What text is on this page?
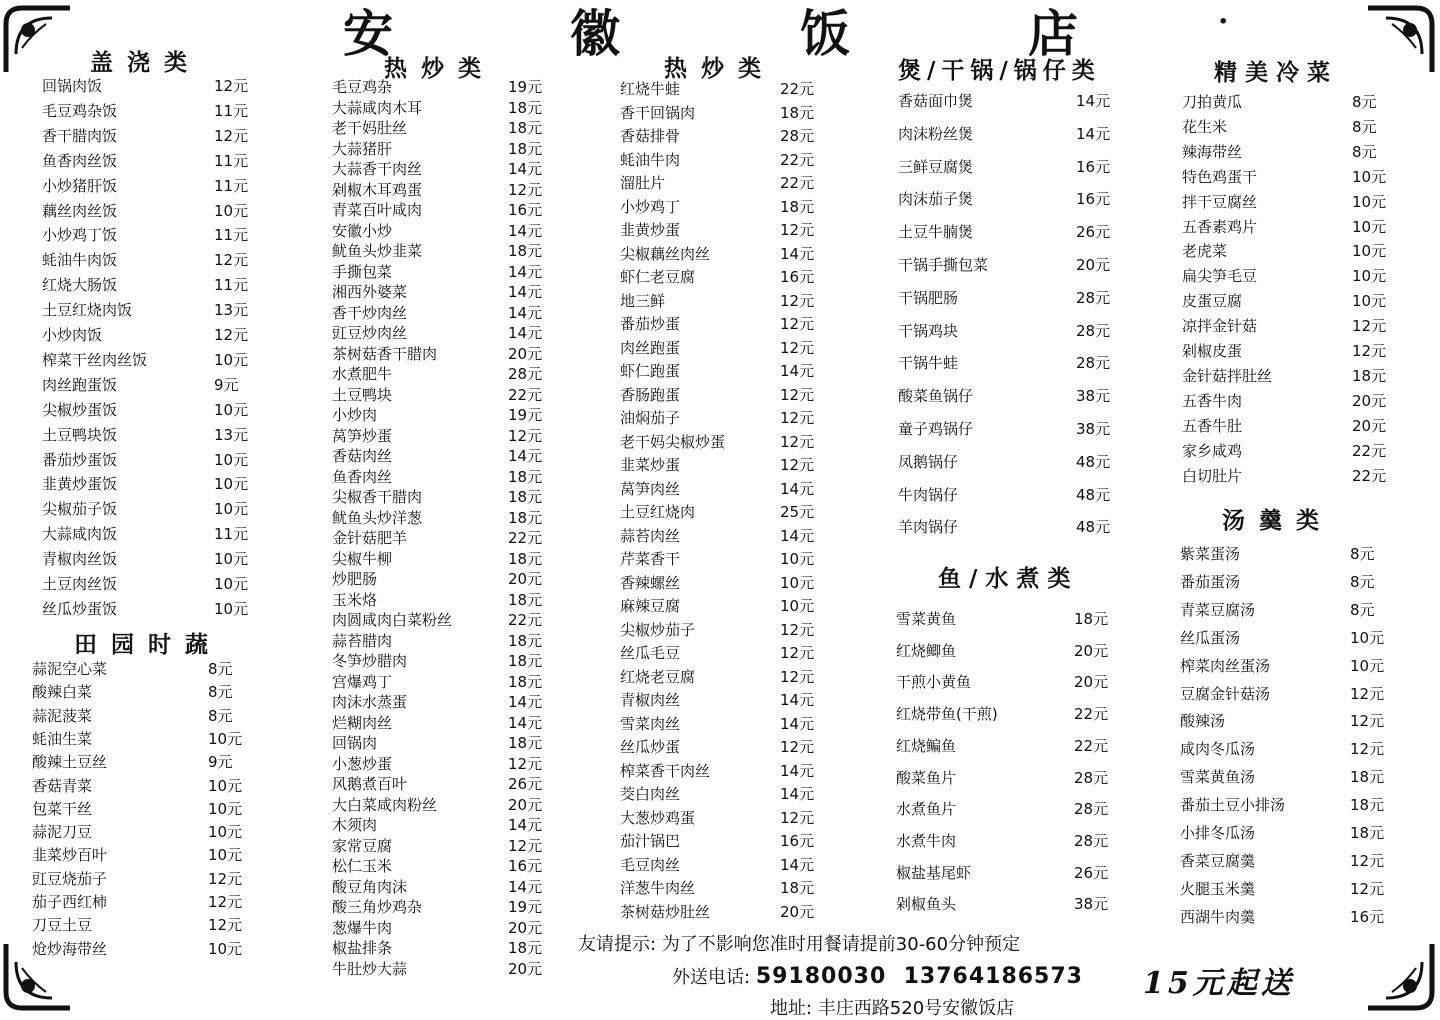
安	徽	饭	店	·
盖浇类
田园时蔬
热炒类	热炒类	煲/干锅/锅仔类
鱼/水煮类
精美冷菜
汤羹类
回锅肉饭	12元
毛豆鸡杂饭	11元
香干腊肉饭	12元
鱼香肉丝饭	11元
小炒猪肝饭	11元
藕丝肉丝饭	10元
小炒鸡丁饭	11元
蚝油牛肉饭	12元
红烧大肠饭	11元
土豆红烧肉饭	13元
小炒肉饭	12元
榨菜干丝肉丝饭	10元
肉丝跑蛋饭	9元
尖椒炒蛋饭	10元
土豆鸭块饭	13元
番茄炒蛋饭	10元
韭黄炒蛋饭	10元
尖椒茄子饭	10元
大蒜咸肉饭	11元
青椒肉丝饭	10元
土豆肉丝饭	10元
丝瓜炒蛋饭	10元
蒜泥空心菜	8元
酸辣白菜	8元
蒜泥菠菜	8元
蚝油生菜	10元
酸辣土豆丝	9元
香菇青菜	10元
包菜干丝	10元
蒜泥刀豆	10元
韭菜炒百叶	10元
豇豆烧茄子	12元
茄子西红柿	12元
刀豆土豆	12元
炝炒海带丝	10元
毛豆鸡杂	19元
大蒜咸肉木耳	18元
老干妈肚丝	18元
大蒜猪肝	18元
大蒜香干肉丝	14元
剁椒木耳鸡蛋	12元
青菜百叶咸肉	16元
安徽小炒	14元
鱿鱼头炒韭菜	18元
手撕包菜	14元
湘西外婆菜	14元
香干炒肉丝	14元
豇豆炒肉丝	14元
茶树菇香干腊肉	20元
水煮肥牛	28元
土豆鸭块	22元
小炒肉	19元
莴笋炒蛋	12元
香菇肉丝	14元
鱼香肉丝	18元
尖椒香干腊肉	18元
鱿鱼头炒洋葱	18元
金针菇肥羊	22元
尖椒牛柳	18元
炒肥肠	20元
玉米烙	18元
肉圆咸肉白菜粉丝	22元
蒜苔腊肉	18元
冬笋炒腊肉	18元
宫爆鸡丁	18元
肉沫水蒸蛋	14元
烂糊肉丝	14元
回锅肉	18元
小葱炒蛋	12元
风鹅煮百叶	26元
大白菜咸肉粉丝	20元
木须肉	14元
家常豆腐	12元
松仁玉米	16元
酸豆角肉沫	14元
酸三角炒鸡杂	19元
葱爆牛肉	20元
椒盐排条	18元
牛肚炒大蒜	20元
红烧牛蛙	22元
香干回锅肉	18元
香菇排骨	28元
蚝油牛肉	22元
溜肚片	22元
小炒鸡丁	18元
韭黄炒蛋	12元
尖椒藕丝肉丝	14元
虾仁老豆腐	16元
地三鲜	12元
番茄炒蛋	12元
肉丝跑蛋	12元
虾仁跑蛋	14元
香肠跑蛋	12元
油焖茄子	12元
老干妈尖椒炒蛋	12元
韭菜炒蛋	12元
莴笋肉丝	14元
土豆红烧肉	25元
蒜苔肉丝	14元
芹菜香干	10元
香辣螺丝	10元
麻辣豆腐	10元
尖椒炒茄子	12元
丝瓜毛豆	12元
红烧老豆腐	12元
青椒肉丝	14元
雪菜肉丝	14元
丝瓜炒蛋	12元
榨菜香干肉丝	14元
茭白肉丝	14元
大葱炒鸡蛋	12元
茄汁锅巴	16元
毛豆肉丝	14元
洋葱牛肉丝	18元
茶树菇炒肚丝	20元
香菇面巾煲	14元
肉沫粉丝煲	14元
三鲜豆腐煲	16元
肉沫茄子煲	16元
土豆牛腩煲	26元
干锅手撕包菜	20元
干锅肥肠	28元
干锅鸡块	28元
干锅牛蛙	28元
酸菜鱼锅仔	38元
童子鸡锅仔	38元
凤鹅锅仔	48元
牛肉锅仔	48元
羊肉锅仔	48元
雪菜黄鱼	18元
红烧鲫鱼	20元
干煎小黄鱼	20元
红烧带鱼(干煎)	22元
红烧鳊鱼	22元
酸菜鱼片	28元
水煮鱼片	28元
水煮牛肉	28元
椒盐基尾虾	26元
剁椒鱼头	38元
刀拍黄瓜	8元
花生米	8元
辣海带丝	8元
特色鸡蛋干	10元
拌干豆腐丝	10元
五香素鸡片	10元
老虎菜	10元
扁尖笋毛豆	10元
皮蛋豆腐	10元
凉拌金针菇	12元
剁椒皮蛋	12元
金针菇拌肚丝	18元
五香牛肉	20元
五香牛肚	20元
家乡咸鸡	22元
白切肚片	22元
紫菜蛋汤	8元
番茄蛋汤	8元
青菜豆腐汤	8元
丝瓜蛋汤	10元
榨菜肉丝蛋汤	10元
豆腐金针菇汤	12元
酸辣汤	12元
咸肉冬瓜汤	12元
雪菜黄鱼汤	18元
番茄土豆小排汤	18元
小排冬瓜汤	18元
香菜豆腐羹	12元
火腿玉米羹	12元
西湖牛肉羹	16元
友请提示: 为了不影响您准时用餐请提前30-60分钟预定
外送电话: 59180030  13764186573 15元起送
地址: 丰庄西路520号安徽饭店
